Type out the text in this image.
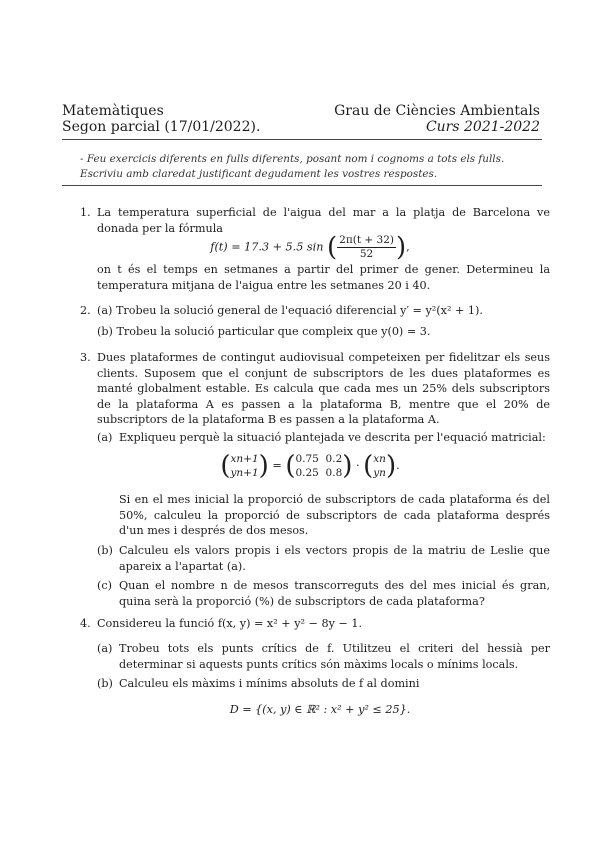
Matemàtiques
Segon parcial (17/01/2022).
Grau de Ciències Ambientals
Curs 2021-2022
- Feu exercicis diferents en fulls diferents, posant nom i cognoms a tots els fulls.
Escriviu amb claredat justificant degudament les vostres respostes.
1. La temperatura superficial de l'aigua del mar a la platja de Barcelona ve donada per la fórmula
f(t) = 17.3 + 5.5 sin ( $\frac{2\pi(t + 32)}{52}$ ),
on t és el temps en setmanes a partir del primer de gener. Determineu la temperatura mitjana de l'aigua entre les setmanes 20 i 40.
2. (a) Trobeu la solució general de l'equació diferencial y′ = y²(x² + 1).
(b) Trobeu la solució particular que compleix que y(0) = 3.
3. Dues plataformes de contingut audiovisual competeixen per fidelitzar els seus clients. Suposem que el conjunt de subscriptors de les dues plataformes es manté globalment estable. Es calcula que cada mes un 25% dels subscriptors de la plataforma A es passen a la plataforma B, mentre que el 20% de subscriptors de la plataforma B es passen a la plataforma A.
(a) Expliqueu perquè la situació plantejada ve descrita per l'equació matricial:
(xn+1
yn+1) = (0.75 0.2
0.25 0.8) · (xn
yn).
Si en el mes inicial la proporció de subscriptors de cada plataforma és del 50%, calculeu la proporció de subscriptors de cada plataforma després d'un mes i després de dos mesos.
(b) Calculeu els valors propis i els vectors propis de la matriu de Leslie que apareix a l'apartat (a).
(c) Quan el nombre n de mesos transcorreguts des del mes inicial és gran, quina serà la proporció (%) de subscriptors de cada plataforma?
4. Considereu la funció f(x, y) = x² + y² − 8y − 1.
(a) Trobeu tots els punts crítics de f. Utilitzeu el criteri del hessià per determinar si aquests punts crítics són màxims locals o mínims locals.
(b) Calculeu els màxims i mínims absoluts de f al domini
D = {(x, y) ∈ ℝ² : x² + y² ≤ 25}.
